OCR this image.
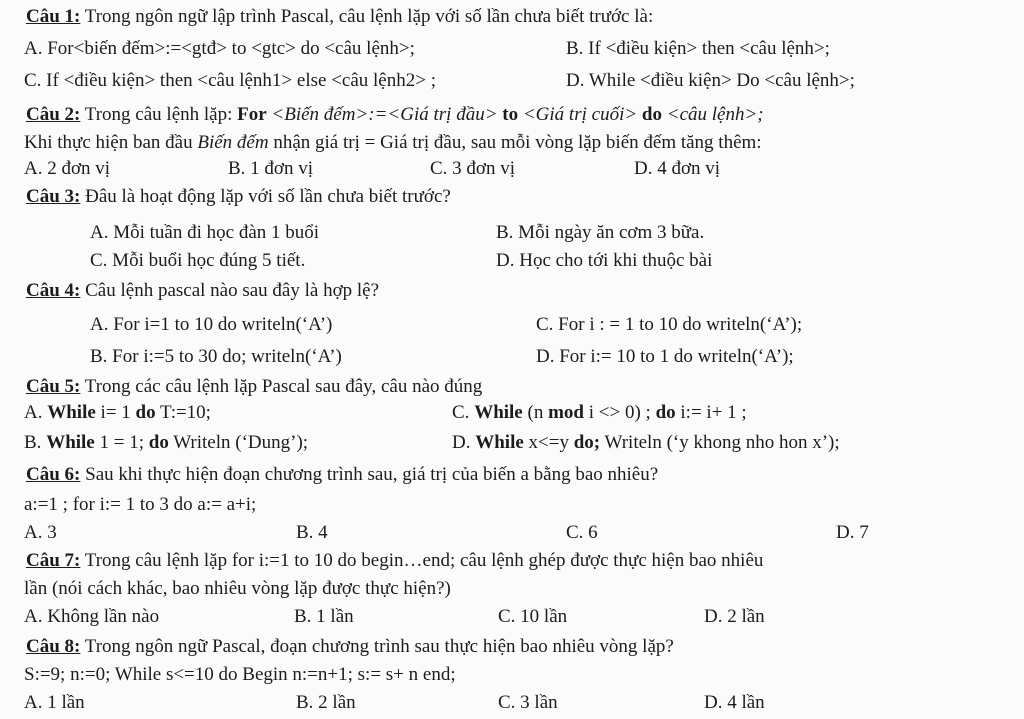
Câu 1: Trong ngôn ngữ lập trình Pascal, câu lệnh lặp với số lần chưa biết trước là:
A. For<biến đếm>:=<gtđ> to <gtc> do <câu lệnh>;	B. If <điều kiện> then <câu lệnh>;
C. If <điều kiện> then <câu lệnh1> else <câu lệnh2> ;	D. While <điều kiện> Do <câu lệnh>;
Câu 2: Trong câu lệnh lặp: For <Biến đếm>:=<Giá trị đầu> to <Giá trị cuối> do <câu lệnh>;
Khi thực hiện ban đầu Biến đếm nhận giá trị = Giá trị đầu, sau mỗi vòng lặp biến đếm tăng thêm:
A. 2 đơn vị	B. 1 đơn vị	C. 3 đơn vị	D. 4 đơn vị
Câu 3: Đâu là hoạt động lặp với số lần chưa biết trước?
A. Mỗi tuần đi học đàn 1 buổi	B. Mỗi ngày ăn cơm 3 bữa.
C. Mỗi buổi học đúng 5 tiết.	D. Học cho tới khi thuộc bài
Câu 4: Câu lệnh pascal nào sau đây là hợp lệ?
A. For i=1 to 10 do writeln(‘A’)	C. For i : = 1 to 10 do writeln(‘A’);
B. For i:=5 to 30 do; writeln(‘A’)	D. For i:= 10 to 1 do writeln(‘A’);
Câu 5: Trong các câu lệnh lặp Pascal sau đây, câu nào đúng
A. While i= 1 do T:=10;	C. While (n mod i <> 0) ; do i:= i+ 1 ;
B. While 1 = 1; do Writeln (‘Dung’);	D. While x<=y do; Writeln (‘y khong nho hon x’);
Câu 6: Sau khi thực hiện đoạn chương trình sau, giá trị của biến a bằng bao nhiêu?
a:=1 ; for i:= 1 to 3 do a:= a+i;
A. 3	B. 4	C. 6	D. 7
Câu 7: Trong câu lệnh lặp for i:=1 to 10 do begin…end; câu lệnh ghép được thực hiện bao nhiêu
lần (nói cách khác, bao nhiêu vòng lặp được thực hiện?)
A. Không lần nào	B. 1 lần	C. 10 lần	D. 2 lần
Câu 8: Trong ngôn ngữ Pascal, đoạn chương trình sau thực hiện bao nhiêu vòng lặp?
S:=9; n:=0; While s<=10 do Begin n:=n+1; s:= s+ n end;
A. 1 lần	B. 2 lần	C. 3 lần	D. 4 lần
